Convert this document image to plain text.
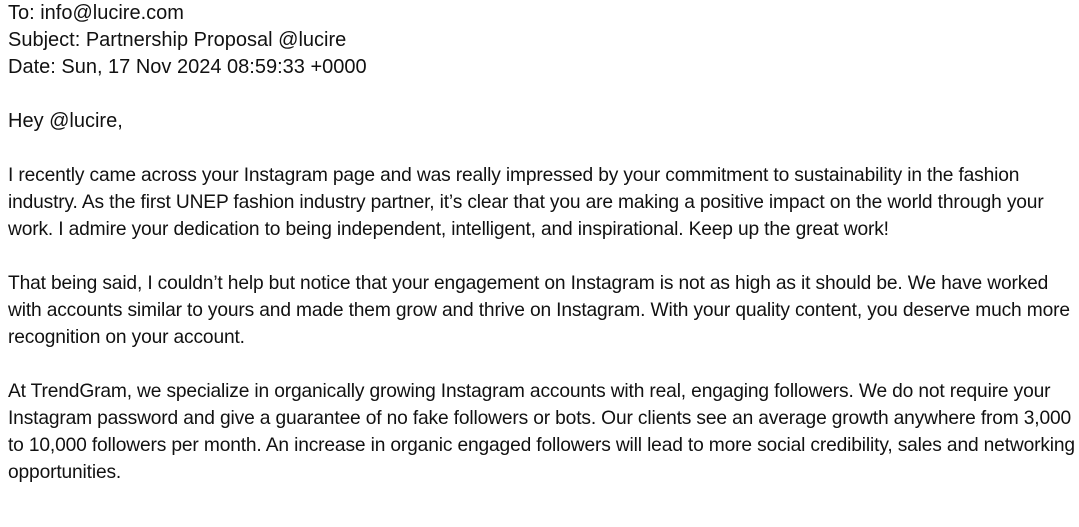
To: info@lucire.com

Subject: Partnership Proposal @lucire

Date: Sun, 17 Nov 2024 08:59:33 +0000

Hey @lucire,

I recently came across your Instagram page and was really impressed by your commitment to sustainability in the fashion industry. As the first UNEP fashion industry partner, it’s clear that you are making a positive impact on the world through your work. I admire your dedication to being independent, intelligent, and inspirational. Keep up the great work!

That being said, I couldn’t help but notice that your engagement on Instagram is not as high as it should be. We have worked with accounts similar to yours and made them grow and thrive on Instagram. With your quality content, you deserve much more recognition on your account.

At TrendGram, we specialize in organically growing Instagram accounts with real, engaging followers. We do not require your Instagram password and give a guarantee of no fake followers or bots. Our clients see an average growth anywhere from 3,000 to 10,000 followers per month. An increase in organic engaged followers will lead to more social credibility, sales and networking opportunities.
